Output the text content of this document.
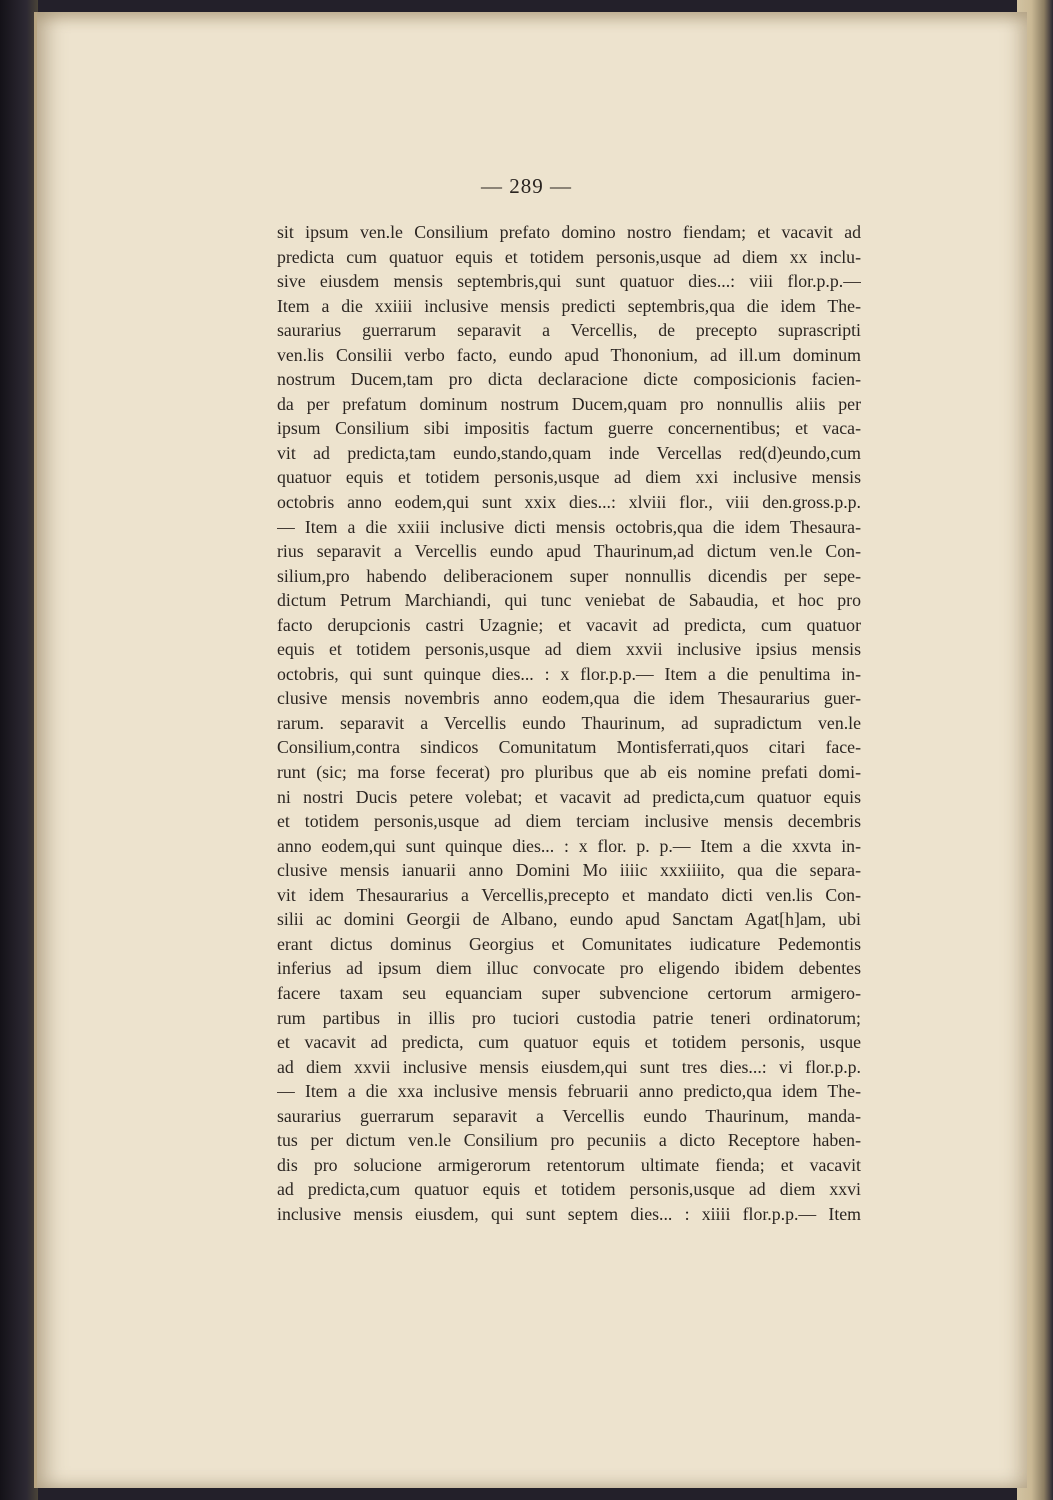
— 289 —
sit ipsum ven.le Consilium prefato domino nostro fiendam; et vacavit ad
predicta cum quatuor equis et totidem personis,usque ad diem xx inclu-
sive eiusdem mensis septembris,qui sunt quatuor dies...: viii flor.p.p.—
Item a die xxiiii inclusive mensis predicti septembris,qua die idem The-
saurarius guerrarum separavit a Vercellis, de precepto suprascripti
ven.lis Consilii verbo facto, eundo apud Thononium, ad ill.um dominum
nostrum Ducem,tam pro dicta declaracione dicte composicionis facien-
da per prefatum dominum nostrum Ducem,quam pro nonnullis aliis per
ipsum Consilium sibi impositis factum guerre concernentibus; et vaca-
vit ad predicta,tam eundo,stando,quam inde Vercellas red(d)eundo,cum
quatuor equis et totidem personis,usque ad diem xxi inclusive mensis
octobris anno eodem,qui sunt xxix dies...: xlviii flor., viii den.gross.p.p.
— Item a die xxiii inclusive dicti mensis octobris,qua die idem Thesaura-
rius separavit a Vercellis eundo apud Thaurinum,ad dictum ven.le Con-
silium,pro habendo deliberacionem super nonnullis dicendis per sepe-
dictum Petrum Marchiandi, qui tunc veniebat de Sabaudia, et hoc pro
facto derupcionis castri Uzagnie; et vacavit ad predicta, cum quatuor
equis et totidem personis,usque ad diem xxvii inclusive ipsius mensis
octobris, qui sunt quinque dies... : x flor.p.p.— Item a die penultima in-
clusive mensis novembris anno eodem,qua die idem Thesaurarius guer-
rarum. separavit a Vercellis eundo Thaurinum, ad supradictum ven.le
Consilium,contra sindicos Comunitatum Montisferrati,quos citari face-
runt (sic; ma forse fecerat) pro pluribus que ab eis nomine prefati domi-
ni nostri Ducis petere volebat; et vacavit ad predicta,cum quatuor equis
et totidem personis,usque ad diem terciam inclusive mensis decembris
anno eodem,qui sunt quinque dies... : x flor. p. p.— Item a die xxvta in-
clusive mensis ianuarii anno Domini Mo iiiic xxxiiiito, qua die separa-
vit idem Thesaurarius a Vercellis,precepto et mandato dicti ven.lis Con-
silii ac domini Georgii de Albano, eundo apud Sanctam Agat[h]am, ubi
erant dictus dominus Georgius et Comunitates iudicature Pedemontis
inferius ad ipsum diem illuc convocate pro eligendo ibidem debentes
facere taxam seu equanciam super subvencione certorum armigero-
rum partibus in illis pro tuciori custodia patrie teneri ordinatorum;
et vacavit ad predicta, cum quatuor equis et totidem personis, usque
ad diem xxvii inclusive mensis eiusdem,qui sunt tres dies...: vi flor.p.p.
— Item a die xxa inclusive mensis februarii anno predicto,qua idem The-
saurarius guerrarum separavit a Vercellis eundo Thaurinum, manda-
tus per dictum ven.le Consilium pro pecuniis a dicto Receptore haben-
dis pro solucione armigerorum retentorum ultimate fienda; et vacavit
ad predicta,cum quatuor equis et totidem personis,usque ad diem xxvi
inclusive mensis eiusdem, qui sunt septem dies... : xiiii flor.p.p.— Item
